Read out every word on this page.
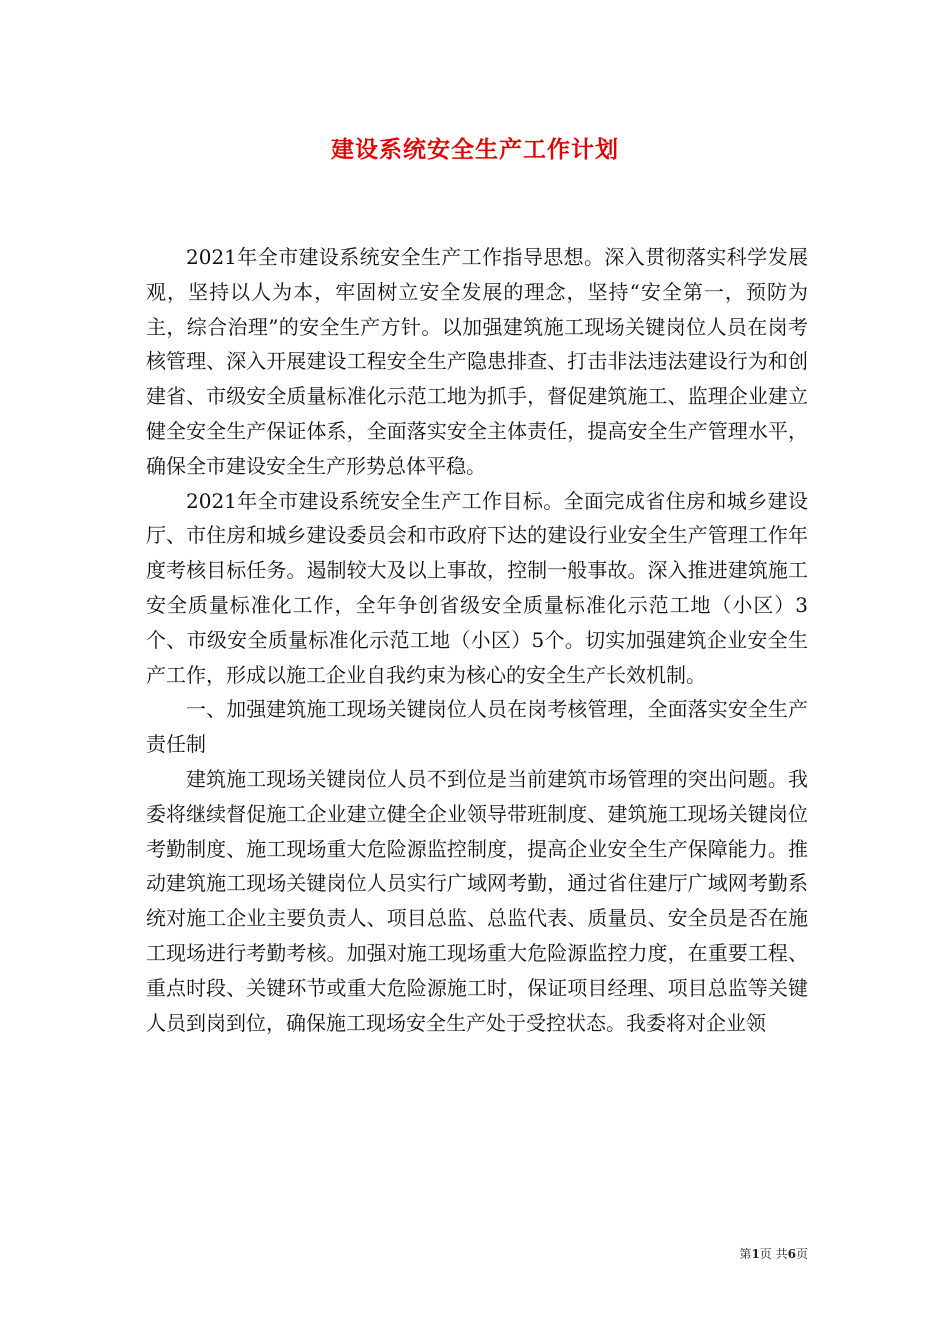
建设系统安全生产工作计划

2021年全市建设系统安全生产工作指导思想。深入贯彻落实科学发展观，坚持以人为本，牢固树立安全发展的理念，坚持“安全第一，预防为主，综合治理”的安全生产方针。以加强建筑施工现场关键岗位人员在岗考核管理、深入开展建设工程安全生产隐患排查、打击非法违法建设行为和创建省、市级安全质量标准化示范工地为抓手，督促建筑施工、监理企业建立健全安全生产保证体系，全面落实安全主体责任，提高安全生产管理水平，确保全市建设安全生产形势总体平稳。

2021年全市建设系统安全生产工作目标。全面完成省住房和城乡建设厅、市住房和城乡建设委员会和市政府下达的建设行业安全生产管理工作年度考核目标任务。遏制较大及以上事故，控制一般事故。深入推进建筑施工安全质量标准化工作，全年争创省级安全质量标准化示范工地（小区）3个、市级安全质量标准化示范工地（小区）5个。切实加强建筑企业安全生产工作，形成以施工企业自我约束为核心的安全生产长效机制。

一、加强建筑施工现场关键岗位人员在岗考核管理，全面落实安全生产责任制

建筑施工现场关键岗位人员不到位是当前建筑市场管理的突出问题。我委将继续督促施工企业建立健全企业领导带班制度、建筑施工现场关键岗位考勤制度、施工现场重大危险源监控制度，提高企业安全生产保障能力。推动建筑施工现场关键岗位人员实行广域网考勤，通过省住建厅广域网考勤系统对施工企业主要负责人、项目总监、总监代表、质量员、安全员是否在施工现场进行考勤考核。加强对施工现场重大危险源监控力度，在重要工程、重点时段、关键环节或重大危险源施工时，保证项目经理、项目总监等关键人员到岗到位，确保施工现场安全生产处于受控状态。我委将对企业领

第1页 共6页
